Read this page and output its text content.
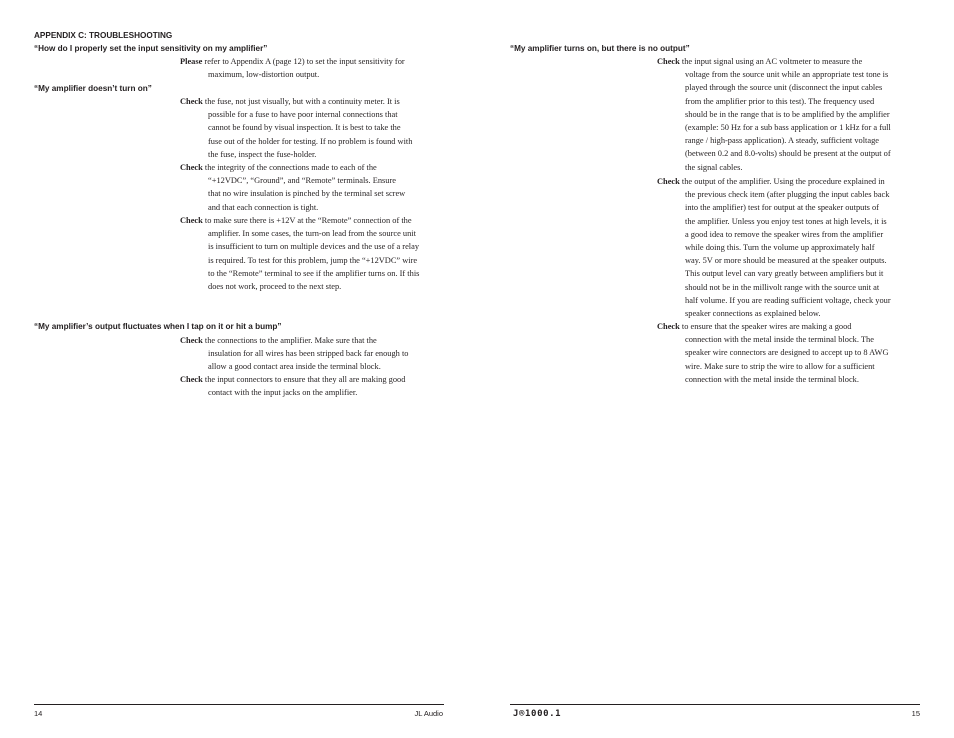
APPENDIX C: TROUBLESHOOTING
“How do I properly set the input sensitivity on my amplifier”
Please refer to Appendix A (page 12) to set the input sensitivity for
maximum, low-distortion output.
“My amplifier doesn’t turn on”
Check the fuse, not just visually, but with a continuity meter. It is
possible for a fuse to have poor internal connections that
cannot be found by visual inspection. It is best to take the
fuse out of the holder for testing. If no problem is found with
the fuse, inspect the fuse-holder.
Check the integrity of the connections made to each of the
“+12VDC”, “Ground”, and “Remote” terminals. Ensure
that no wire insulation is pinched by the terminal set screw
and that each connection is tight.
Check to make sure there is +12V at the “Remote” connection of the
amplifier. In some cases, the turn-on lead from the source unit
is insufficient to turn on multiple devices and the use of a relay
is required. To test for this problem, jump the “+12VDC” wire
to the “Remote” terminal to see if the amplifier turns on. If this
does not work, proceed to the next step.
“My amplifier’s output fluctuates when I tap on it or hit a bump”
Check the connections to the amplifier. Make sure that the
insulation for all wires has been stripped back far enough to
allow a good contact area inside the terminal block.
Check the input connectors to ensure that they all are making good
contact with the input jacks on the amplifier.
14	JL Audio
“My amplifier turns on, but there is no output”
Check the input signal using an AC voltmeter to measure the
voltage from the source unit while an appropriate test tone is
played through the source unit (disconnect the input cables
from the amplifier prior to this test). The frequency used
should be in the range that is to be amplified by the amplifier
(example: 50 Hz for a sub bass application or 1 kHz for a full
range / high-pass application). A steady, sufficient voltage
(between 0.2 and 8.0-volts) should be present at the output of
the signal cables.
Check the output of the amplifier. Using the procedure explained in
the previous check item (after plugging the input cables back
into the amplifier) test for output at the speaker outputs of
the amplifier. Unless you enjoy test tones at high levels, it is
a good idea to remove the speaker wires from the amplifier
while doing this. Turn the volume up approximately half
way. 5V or more should be measured at the speaker outputs.
This output level can vary greatly between amplifiers but it
should not be in the millivolt range with the source unit at
half volume. If you are reading sufficient voltage, check your
speaker connections as explained below.
Check to ensure that the speaker wires are making a good
connection with the metal inside the terminal block. The
speaker wire connectors are designed to accept up to 8 AWG
wire. Make sure to strip the wire to allow for a sufficient
connection with the metal inside the terminal block.
J®1000.1	15
